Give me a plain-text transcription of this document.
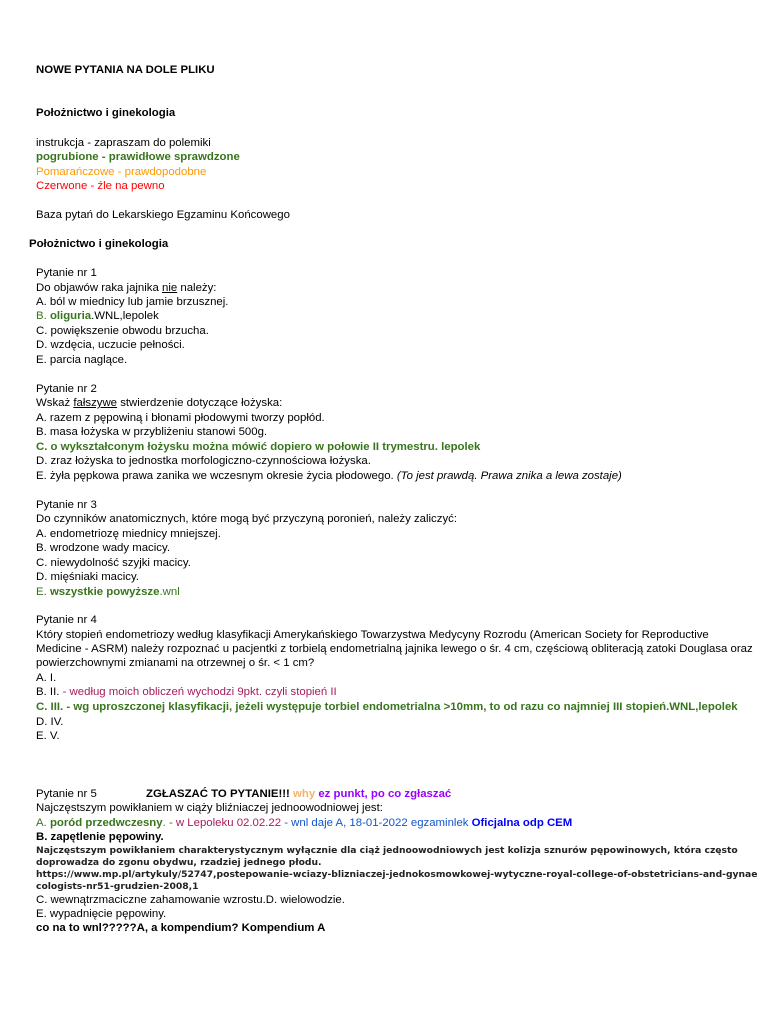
NOWE PYTANIA NA DOLE PLIKU
Położnictwo i ginekologia
instrukcja - zapraszam do polemiki
pogrubione - prawidłowe sprawdzone
Pomarańczowe - prawdopodobne
Czerwone - źle na pewno
Baza pytań do Lekarskiego Egzaminu Końcowego
Położnictwo i ginekologia
Pytanie nr 1
Do objawów raka jajnika nie należy:
A. ból w miednicy lub jamie brzusznej.
B. oliguria.WNL,lepolek
C. powiększenie obwodu brzucha.
D. wzdęcia, uczucie pełności.
E. parcia naglące.
Pytanie nr 2
Wskaż fałszywe stwierdzenie dotyczące łożyska:
A. razem z pępowiną i błonami płodowymi tworzy popłód.
B. masa łożyska w przybliżeniu stanowi 500g.
C. o wykształconym łożysku można mówić dopiero w połowie II trymestru. lepolek
D. zraz łożyska to jednostka morfologiczno-czynnościowa łożyska.
E. żyła pępkowa prawa zanika we wczesnym okresie życia płodowego. (To jest prawdą. Prawa znika a lewa zostaje)
Pytanie nr 3
Do czynników anatomicznych, które mogą być przyczyną poronień, należy zaliczyć:
A. endometriozę miednicy mniejszej.
B. wrodzone wady macicy.
C. niewydolność szyjki macicy.
D. mięśniaki macicy.
E. wszystkie powyższe.wnl
Pytanie nr 4
Który stopień endometriozy według klasyfikacji Amerykańskiego Towarzystwa Medycyny Rozrodu (American Society for Reproductive
Medicine - ASRM) należy rozpoznać u pacjentki z torbielą endometrialną jajnika lewego o śr. 4 cm, częściową obliteracją zatoki Douglasa oraz
powierzchownymi zmianami na otrzewnej o śr. < 1 cm?
A. I.
B. II. - według moich obliczeń wychodzi 9pkt. czyli stopień II
C. III. - wg uproszczonej klasyfikacji, jeżeli występuje torbiel endometrialna >10mm, to od razu co najmniej III stopień.WNL,lepolek
D. IV.
E. V.
Pytanie nr 5	ZGŁASZAĆ TO PYTANIE!!! why ez punkt, po co zgłaszać
Najczęstszym powikłaniem w ciąży bliźniaczej jednoowodniowej jest:
A. poród przedwczesny. - w Lepoleku 02.02.22 - wnl daje A, 18-01-2022 egzaminlek Oficjalna odp CEM
B. zapętlenie pępowiny.
Najczęstszym powikłaniem charakterystycznym wyłącznie dla ciąż jednoowodniowych jest kolizja sznurów pępowinowych, która często
doprowadza do zgonu obydwu, rzadziej jednego płodu.
https://www.mp.pl/artykuly/52747,postepowanie-wciazy-blizniaczej-jednokosmowkowej-wytyczne-royal-college-of-obstetricians-and-gynae
cologists-nr51-grudzien-2008,1
C. wewnątrzmaciczne zahamowanie wzrostu.D. wielowodzie.
E. wypadnięcie pępowiny.
co na to wnl?????A, a kompendium? Kompendium A
